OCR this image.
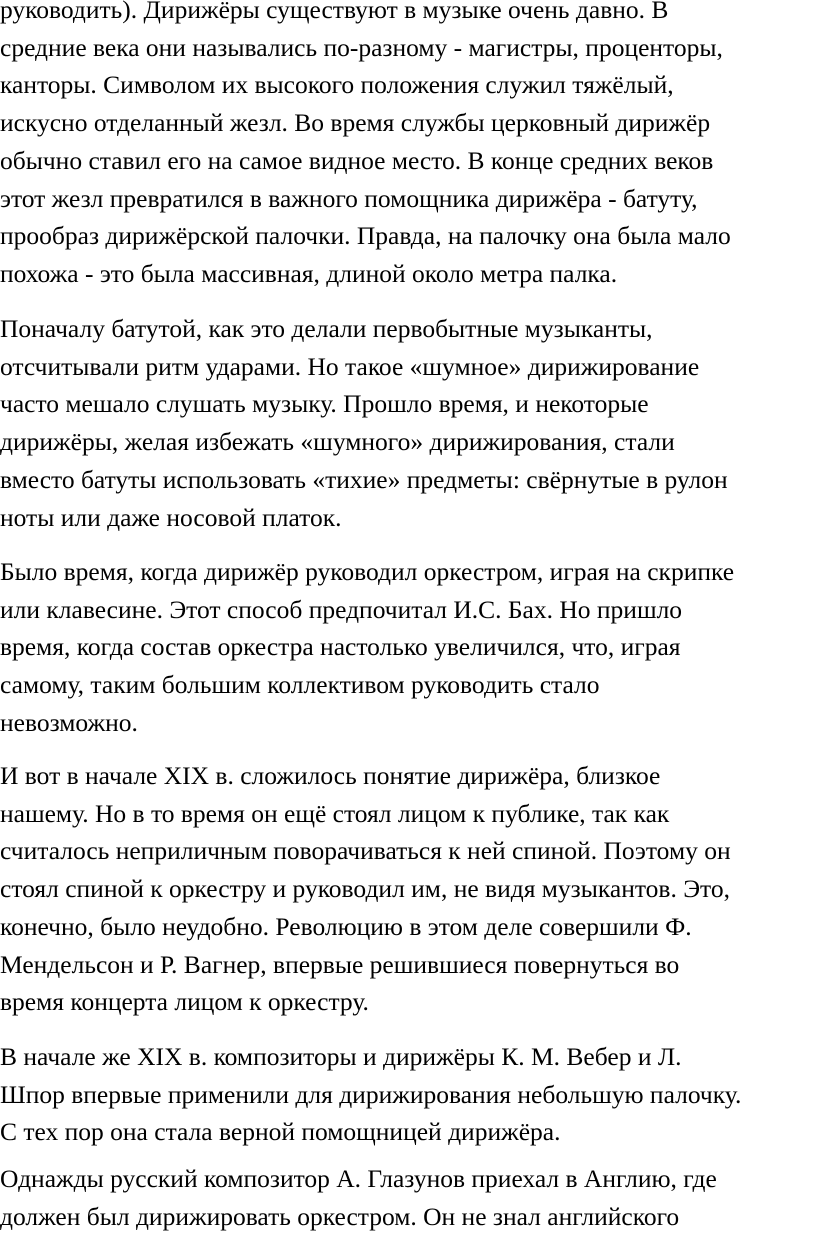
руководить). Дирижёры существуют в музыке очень давно. В
средние века они назывались по-разному - магистры, проценторы,
канторы. Символом их высокого положения служил тяжёлый,
искусно отделанный жезл. Во время службы церковный дирижёр
обычно ставил его на самое видное место. В конце средних веков
этот жезл превратился в важного помощника дирижёра - батуту,
прообраз дирижёрской палочки. Правда, на палочку она была мало
похожа - это была массивная, длиной около метра палка.
Поначалу батутой, как это делали первобытные музыканты,
отсчитывали ритм ударами. Но такое «шумное» дирижирование
часто мешало слушать музыку. Прошло время, и некоторые
дирижёры, желая избежать «шумного» дирижирования, стали
вместо батуты использовать «тихие» предметы: свёрнутые в рулон
ноты или даже носовой платок.
Было время, когда дирижёр руководил оркестром, играя на скрипке
или клавесине. Этот способ предпочитал И.С. Бах. Но пришло
время, когда состав оркестра настолько увеличился, что, играя
самому, таким большим коллективом руководить стало
невозможно.
И вот в начале XIX в. сложилось понятие дирижёра, близкое
нашему. Но в то время он ещё стоял лицом к публике, так как
считалось неприличным поворачиваться к ней спиной. Поэтому он
стоял спиной к оркестру и руководил им, не видя музыкантов. Это,
конечно, было неудобно. Революцию в этом деле совершили Ф.
Мендельсон и Р. Вагнер, впервые решившиеся повернуться во
время концерта лицом к оркестру.
В начале же XIX в. композиторы и дирижёры К. М. Вебер и Л.
Шпор впервые применили для дирижирования небольшую палочку.
С тех пор она стала верной помощницей дирижёра.
Однажды русский композитор А. Глазунов приехал в Англию, где
должен был дирижировать оркестром. Он не знал английского
